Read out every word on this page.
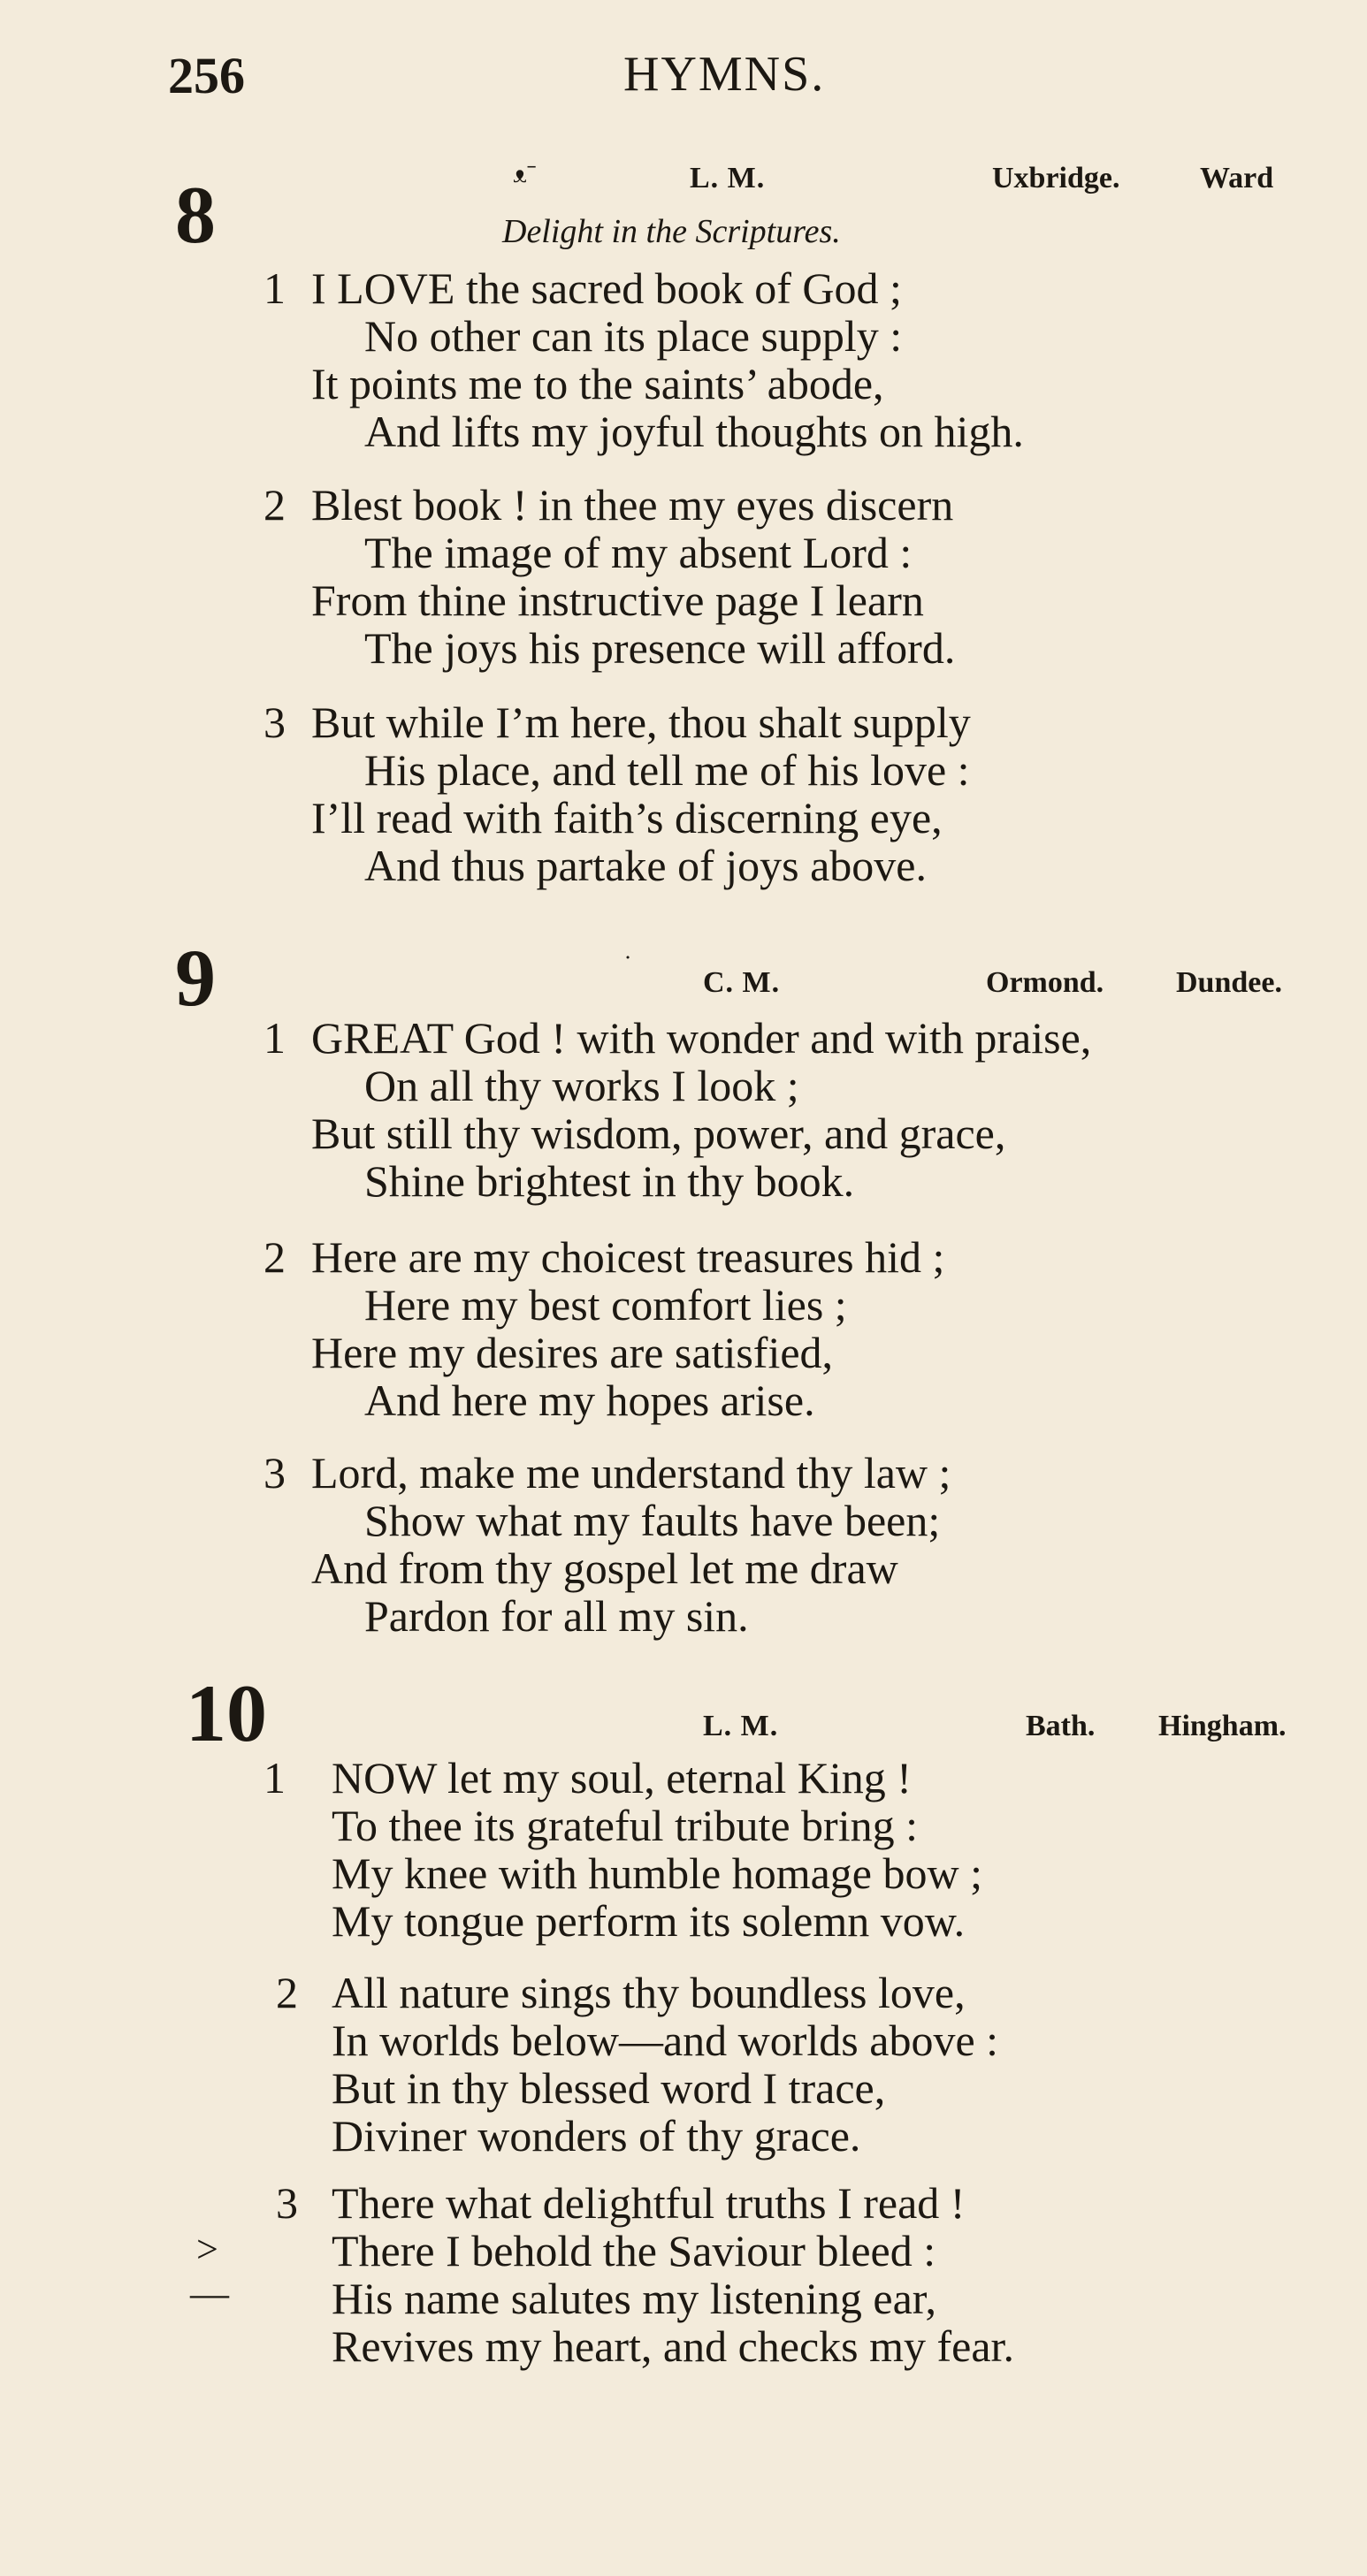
256	HYMNS.
8	ᴥˉ	L. M.	Uxbridge.	Ward
Delight in the Scriptures.
1 I LOVE the sacred book of God ;
No other can its place supply :
It points me to the saints’ abode,
And lifts my joyful thoughts on high.
2 Blest book ! in thee my eyes discern
The image of my absent Lord :
From thine instructive page I learn
The joys his presence will afford.
3 But while I’m here, thou shalt supply
His place, and tell me of his love :
I’ll read with faith’s discerning eye,
And thus partake of joys above.
9	˙
C. M.	Ormond. Dundee.
1 GREAT God ! with wonder and with praise,
On all thy works I look ;
But still thy wisdom, power, and grace,
Shine brightest in thy book.
2 Here are my choicest treasures hid ;
Here my best comfort lies ;
Here my desires are satisfied,
And here my hopes arise.
3 Lord, make me understand thy law ;
Show what my faults have been;
And from thy gospel let me draw
Pardon for all my sin.
10	L. M.	Bath. Hingham.
1 NOW let my soul, eternal King !
To thee its grateful tribute bring :
My knee with humble homage bow ;
My tongue perform its solemn vow.
2 All nature sings thy boundless love,
In worlds below—and worlds above :
But in thy blessed word I trace,
Diviner wonders of thy grace.
3 There what delightful truths I read !
>	There I behold the Saviour bleed :
— His name salutes my listening ear,
Revives my heart, and checks my fear.
